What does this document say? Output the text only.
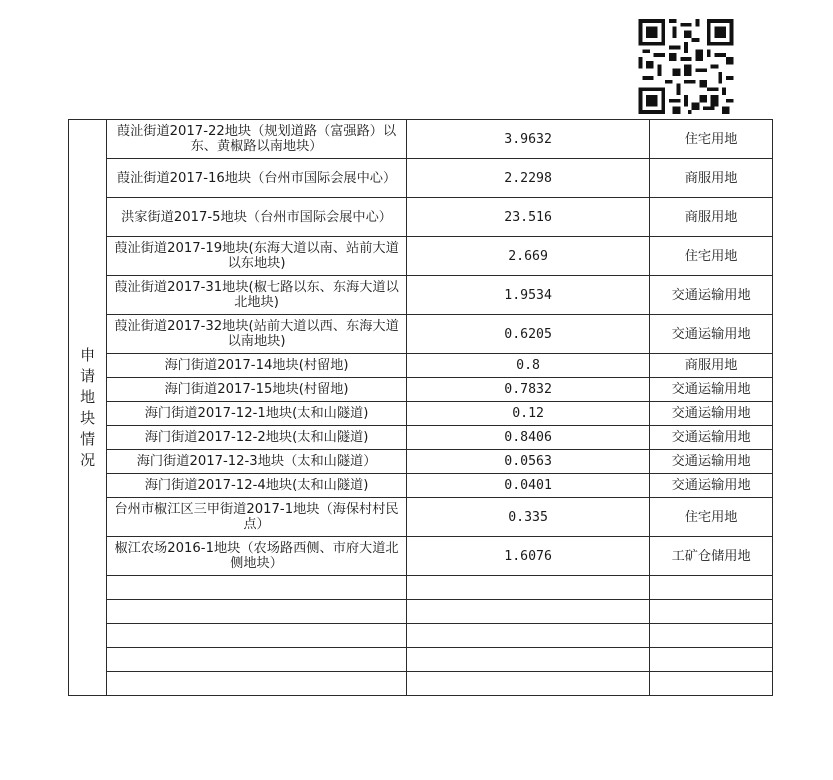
申请地块情况	葭沚街道2017-22地块（规划道路（富强路）以东、黄椒路以南地块）	3.9632	住宅用地
	葭沚街道2017-16地块（台州市国际会展中心）	2.2298	商服用地
	洪家街道2017-5地块（台州市国际会展中心）	23.516	商服用地
	葭沚街道2017-19地块(东海大道以南、站前大道以东地块)	2.669	住宅用地
	葭沚街道2017-31地块(椒七路以东、东海大道以北地块)	1.9534	交通运输用地
	葭沚街道2017-32地块(站前大道以西、东海大道以南地块)	0.6205	交通运输用地
	海门街道2017-14地块(村留地)	0.8	商服用地
	海门街道2017-15地块(村留地)	0.7832	交通运输用地
	海门街道2017-12-1地块(太和山隧道)	0.12	交通运输用地
	海门街道2017-12-2地块(太和山隧道)	0.8406	交通运输用地
	海门街道2017-12-3地块（太和山隧道）	0.0563	交通运输用地
	海门街道2017-12-4地块(太和山隧道)	0.0401	交通运输用地
	台州市椒江区三甲街道2017-1地块（海保村村民点）	0.335	住宅用地
	椒江农场2016-1地块（农场路西侧、市府大道北侧地块）	1.6076	工矿仓储用地
